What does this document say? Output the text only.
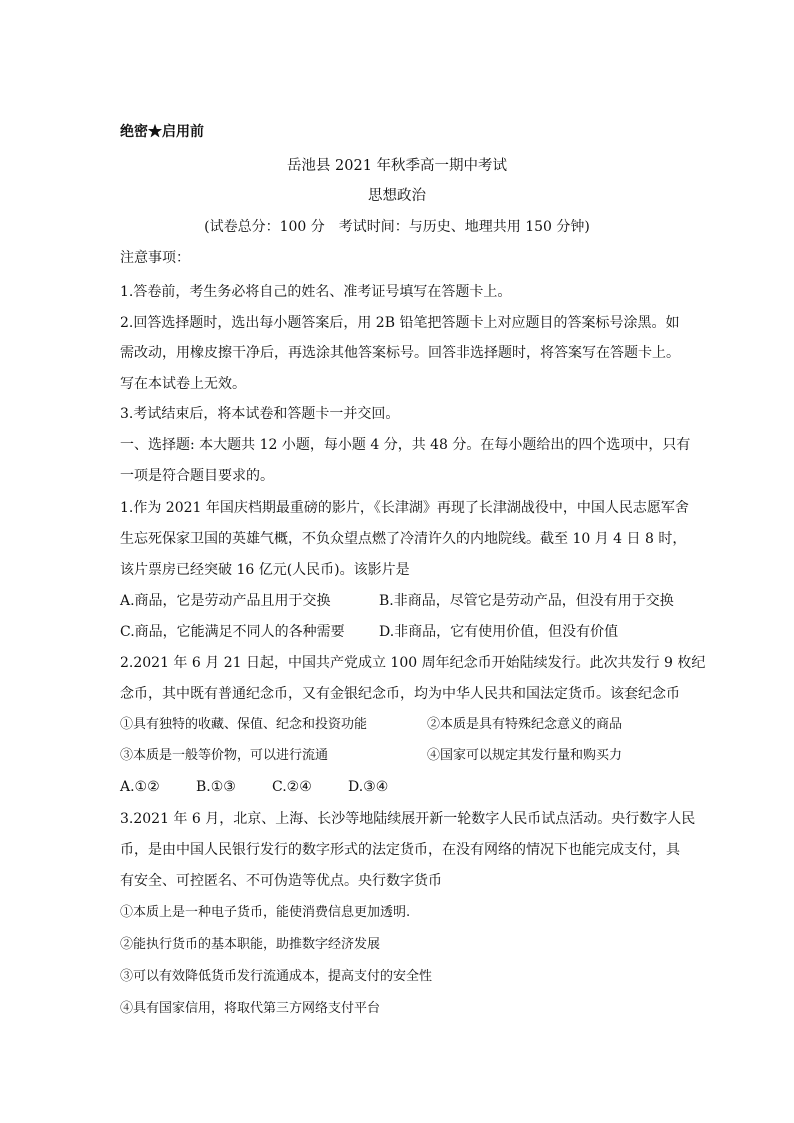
绝密★启用前
岳池县 2021 年秋季高一期中考试
思想政治
(试卷总分：100 分　考试时间：与历史、地理共用 150 分钟)
注意事项：
1.答卷前，考生务必将自己的姓名、准考证号填写在答题卡上。
2.回答选择题时，选出每小题答案后，用 2B 铅笔把答题卡上对应题目的答案标号涂黑。如
需改动，用橡皮擦干净后，再选涂其他答案标号。回答非选择题时，将答案写在答题卡上。
写在本试卷上无效。
3.考试结束后，将本试卷和答题卡一并交回。
一、选择题: 本大题共 12 小题，每小题 4 分，共 48 分。在每小题给出的四个选项中，只有
一项是符合题目要求的。
1.作为 2021 年国庆档期最重磅的影片，《长津湖》再现了长津湖战役中，中国人民志愿军舍
生忘死保家卫国的英雄气概，不负众望点燃了冷清许久的内地院线。截至 10 月 4 日 8 时，
该片票房已经突破 16 亿元(人民币)。该影片是
A.商品，它是劳动产品且用于交换	B.非商品，尽管它是劳动产品，但没有用于交换
C.商品，它能满足不同人的各种需要 D.非商品，它有使用价值，但没有价值
2.2021 年 6 月 21 日起，中国共产党成立 100 周年纪念币开始陆续发行。此次共发行 9 枚纪
念币，其中既有普通纪念币，又有金银纪念币，均为中华人民共和国法定货币。该套纪念币
①具有独特的收藏、保值、纪念和投资功能	②本质是具有特殊纪念意义的商品
③本质是一般等价物，可以进行流通	④国家可以规定其发行量和购买力
A.①②	B.①③	C.②④	D.③④
3.2021 年 6 月，北京、上海、长沙等地陆续展开新一轮数字人民币试点活动。央行数字人民
币，是由中国人民银行发行的数字形式的法定货币，在没有网络的情况下也能完成支付，具
有安全、可控匿名、不可伪造等优点。央行数字货币
①本质上是一种电子货币，能使消费信息更加透明.
②能执行货币的基本职能，助推数字经济发展
③可以有效降低货币发行流通成本，提高支付的安全性
④具有国家信用，将取代第三方网络支付平台
